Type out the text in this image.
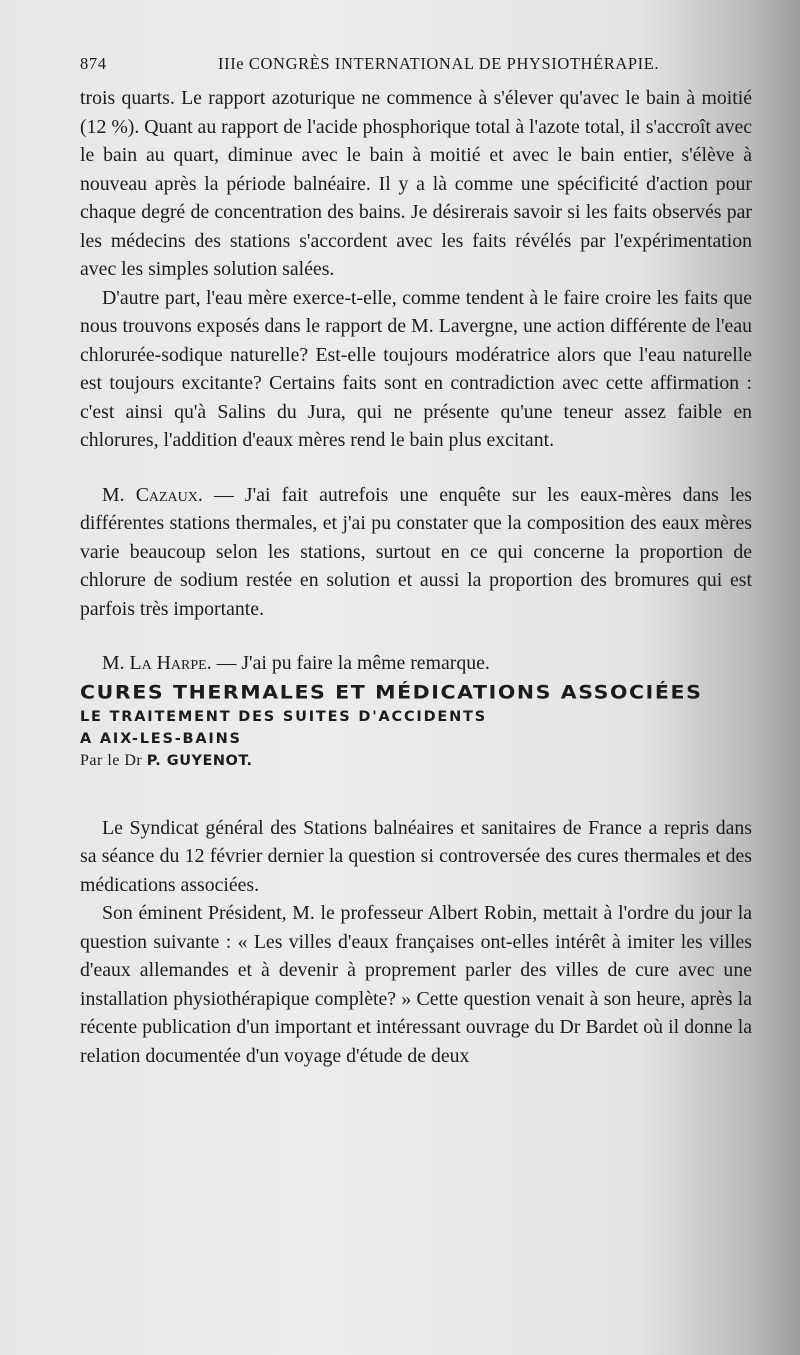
874	IIIe CONGRÈS INTERNATIONAL DE PHYSIOTHÉRAPIE.

trois quarts. Le rapport azoturique ne commence à s'élever qu'avec le bain à moitié (12 %). Quant au rapport de l'acide phosphorique total à l'azote total, il s'accroît avec le bain au quart, diminue avec le bain à moitié et avec le bain entier, s'élève à nouveau après la période balnéaire. Il y a là comme une spécificité d'action pour chaque degré de concentration des bains. Je désirerais savoir si les faits observés par les médecins des stations s'accordent avec les faits révélés par l'expérimentation avec les simples solution salées.

D'autre part, l'eau mère exerce-t-elle, comme tendent à le faire croire les faits que nous trouvons exposés dans le rapport de M. Lavergne, une action différente de l'eau chlorurée-sodique naturelle? Est-elle toujours modératrice alors que l'eau naturelle est toujours excitante? Certains faits sont en contradiction avec cette affirmation : c'est ainsi qu'à Salins du Jura, qui ne présente qu'une teneur assez faible en chlorures, l'addition d'eaux mères rend le bain plus excitant.

M. Cazaux. — J'ai fait autrefois une enquête sur les eaux-mères dans les différentes stations thermales, et j'ai pu constater que la composition des eaux mères varie beaucoup selon les stations, surtout en ce qui concerne la proportion de chlorure de sodium restée en solution et aussi la proportion des bromures qui est parfois très importante.

M. La Harpe. — J'ai pu faire la même remarque.

CURES THERMALES ET MÉDICATIONS ASSOCIÉES

LE TRAITEMENT DES SUITES D'ACCIDENTS

A AIX-LES-BAINS

Par le Dr P. GUYENOT.

Le Syndicat général des Stations balnéaires et sanitaires de France a repris dans sa séance du 12 février dernier la question si controversée des cures thermales et des médications associées.

Son éminent Président, M. le professeur Albert Robin, mettait à l'ordre du jour la question suivante : « Les villes d'eaux françaises ont-elles intérêt à imiter les villes d'eaux allemandes et à devenir à proprement parler des villes de cure avec une installation physiothérapique complète? » Cette question venait à son heure, après la récente publication d'un important et intéressant ouvrage du Dr Bardet où il donne la relation documentée d'un voyage d'étude de deux
